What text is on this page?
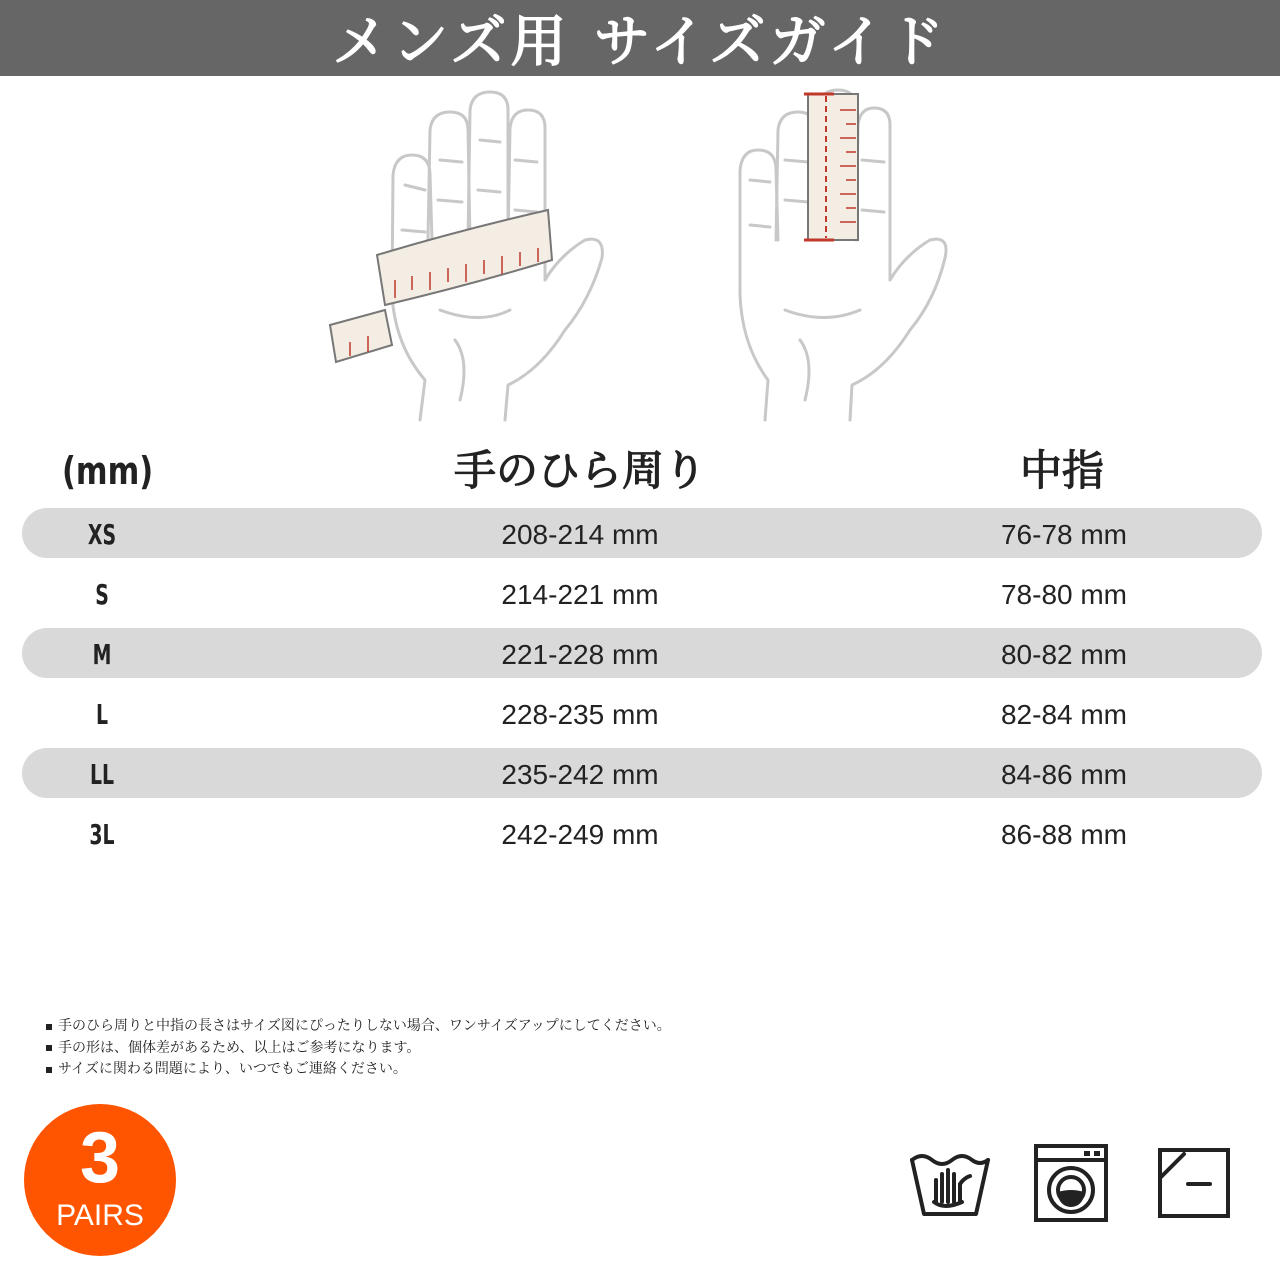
メンズ用 サイズガイド
(mm)	手のひら周り	中指
XS	208-214 mm	76-78 mm
S	214-221 mm	78-80 mm
M	221-228 mm	80-82 mm
L	228-235 mm	82-84 mm
LL	235-242 mm	84-86 mm
3L	242-249 mm	86-88 mm
手のひら周りと中指の長さはサイズ図にぴったりしない場合、ワンサイズアップにしてください。
手の形は、個体差があるため、以上はご参考になります。
サイズに関わる問題により、いつでもご連絡ください。
3
PAIRS
